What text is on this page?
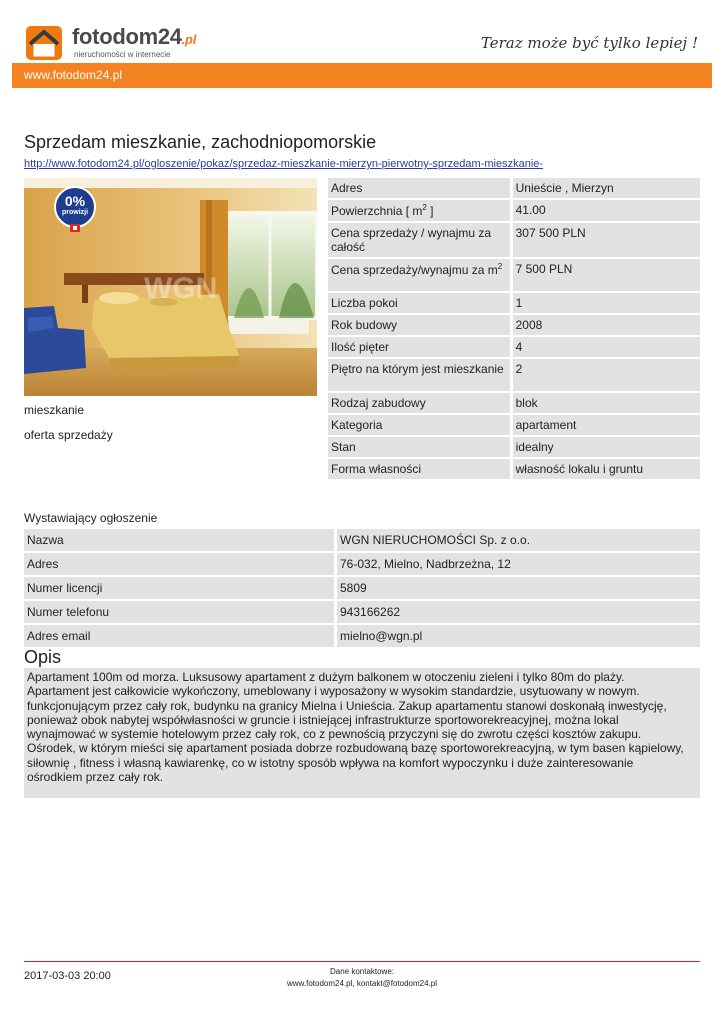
fotodom24.pl
nieruchomości w internecie
Teraz może być tylko lepiej !
www.fotodom24.pl
Sprzedam mieszkanie, zachodniopomorskie
http://www.fotodom24.pl/ogloszenie/pokaz/sprzedaz-mieszkanie-mierzyn-pierwotny-sprzedam-mieszkanie-
WGN
0%
prowizji
mieszkanie
oferta sprzedaży
Adres	Unieście , Mierzyn
Powierzchnia [ $m^2$ ]	41.00
Cena sprzedaży / wynajmu za całość	307 500 PLN
Cena sprzedaży/wynajmu za $m^2$	7 500 PLN
Liczba pokoi	1
Rok budowy	2008
Ilość pięter	4
Piętro na którym jest mieszkanie	2
Rodzaj zabudowy	blok
Kategoria	apartament
Stan	idealny
Forma własności	własność lokalu i gruntu
Wystawiający ogłoszenie
Nazwa	WGN NIERUCHOMOŚCI Sp. z o.o.
Adres	76-032, Mielno, Nadbrzeżna, 12
Numer licencji	5809
Numer telefonu	943166262
Adres email	mielno@wgn.pl
Opis
Apartament 100m od morza. Luksusowy apartament z dużym balkonem w otoczeniu zieleni i tylko 80m do plaży.
Apartament jest całkowicie wykończony, umeblowany i wyposażony w wysokim standardzie, usytuowany w nowym.
funkcjonującym przez cały rok, budynku na granicy Mielna i Unieścia. Zakup apartamentu stanowi doskonałą inwestycję,
ponieważ obok nabytej współwłasności w gruncie i istniejącej infrastrukturze sportoworekreacyjnej, można lokal
wynajmować w systemie hotelowym przez cały rok, co z pewnością przyczyni się do zwrotu części kosztów zakupu.
Ośrodek, w którym mieści się apartament posiada dobrze rozbudowaną bazę sportoworekreacyjną, w tym basen kąpielowy,
siłownię , fitness i własną kawiarenkę, co w istotny sposób wpływa na komfort wypoczynku i duże zainteresowanie
ośrodkiem przez cały rok.
2017-03-03 20:00	Dane kontaktowe:
www.fotodom24.pl, kontakt@fotodom24.pl
